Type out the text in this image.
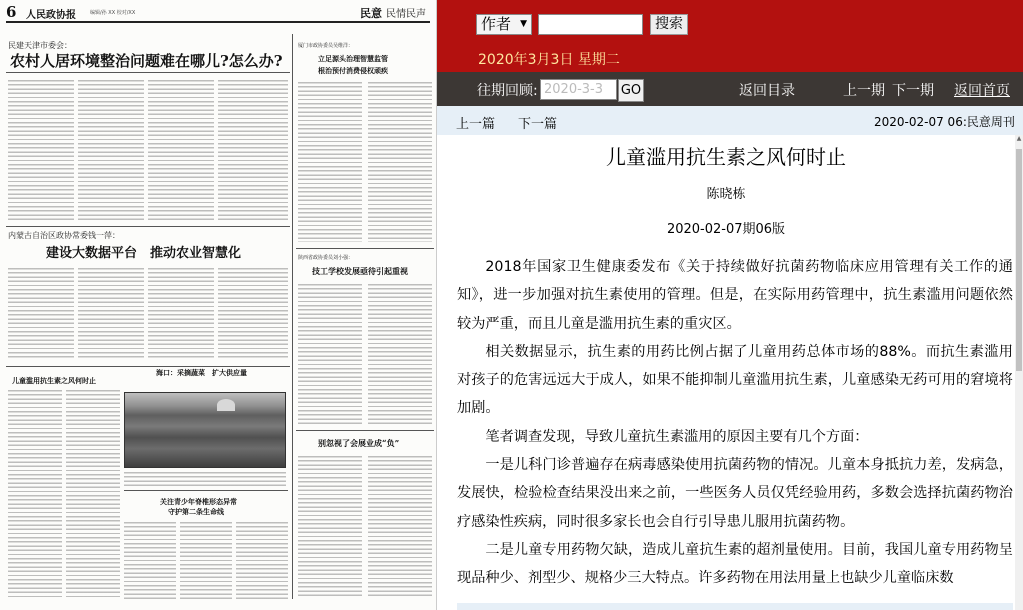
6 人民政协报	编辑/孙 XX 校对/XX	民意 民情民声
民建天津市委会：
农村人居环境整治问题难在哪儿?怎么办?
内蒙古自治区政协常委钱一萍：
建设大数据平台　推动农业智慧化
厦门市政协委员吴维洋：
立足源头治理智慧监管
根治预付消费侵权顽疾
陕西省政协委员刘小强：
技工学校发展亟待引起重视
别忽视了会展业成“负”
儿童滥用抗生素之风何时止
海口：采摘蔬菜　扩大供应量
关注青少年脊椎形态异常
守护第二条生命线
作者 ▼	搜索
2020年3月3日 星期二
往期回顾: 2020-3-3	GO	返回目录	上一期 下一期 返回首页
上一篇 下一篇	2020-02-07 06:民意周刊
儿童滥用抗生素之风何时止
陈晓栋
2020-02-07期06版

2018年国家卫生健康委发布《关于持续做好抗菌药物临床应用管理有关工作的通知》，进一步加强对抗生素使用的管理。但是，在实际用药管理中，抗生素滥用问题依然较为严重，而且儿童是滥用抗生素的重灾区。

相关数据显示，抗生素的用药比例占据了儿童用药总体市场的88%。而抗生素滥用对孩子的危害远远大于成人，如果不能抑制儿童滥用抗生素，儿童感染无药可用的窘境将加剧。

笔者调查发现，导致儿童抗生素滥用的原因主要有几个方面：

一是儿科门诊普遍存在病毒感染使用抗菌药物的情况。儿童本身抵抗力差，发病急，发展快，检验检查结果没出来之前，一些医务人员仅凭经验用药，多数会选择抗菌药物治疗感染性疾病，同时很多家长也会自行引导患儿服用抗菌药物。

二是儿童专用药物欠缺，造成儿童抗生素的超剂量使用。目前，我国儿童专用药物呈现品种少、剂型少、规格少三大特点。许多药物在用法用量上也缺少儿童临床数

▲
